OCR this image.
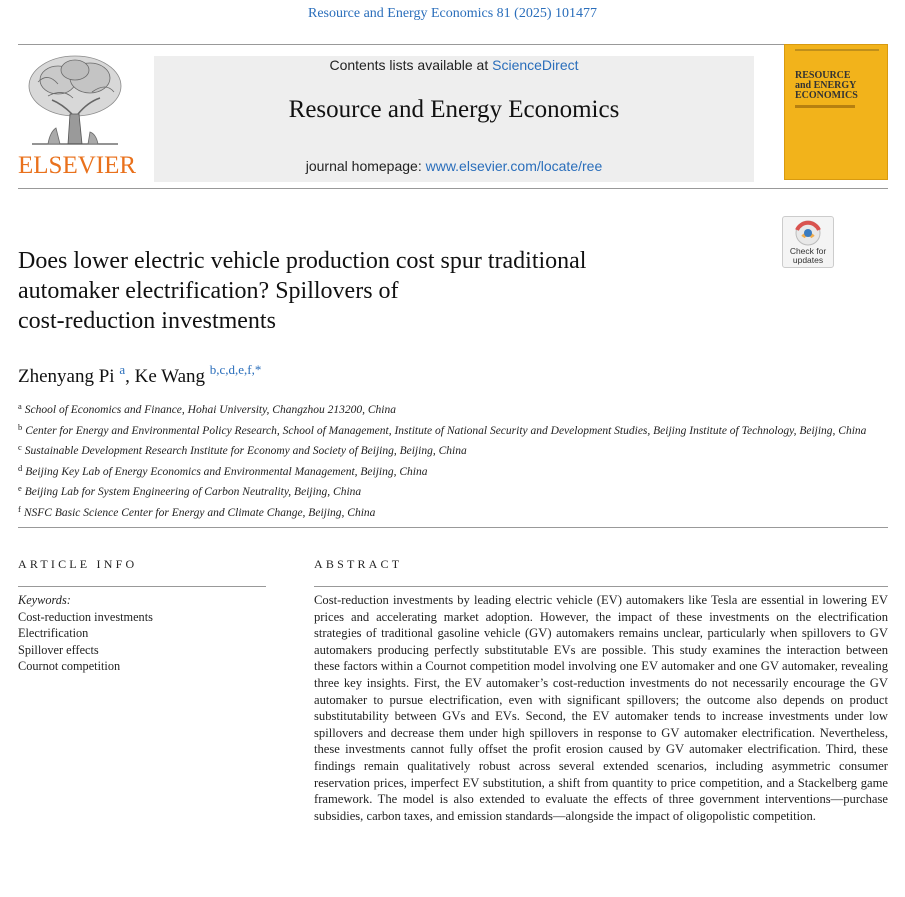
Resource and Energy Economics 81 (2025) 101477
ELSEVIER
Contents lists available at ScienceDirect
Resource and Energy Economics
journal homepage: www.elsevier.com/locate/ree
RESOURCE
and ENERGY
ECONOMICS
Check for updates
Does lower electric vehicle production cost spur traditional
automaker electrification? Spillovers of
cost-reduction investments
Zhenyang Pi $^a$, Ke Wang $^{b,c,d,e,f,*}$
$^a$ School of Economics and Finance, Hohai University, Changzhou 213200, China
$^b$ Center for Energy and Environmental Policy Research, School of Management, Institute of National Security and Development Studies, Beijing Institute of Technology, Beijing, China
$^c$ Sustainable Development Research Institute for Economy and Society of Beijing, Beijing, China
$^d$ Beijing Key Lab of Energy Economics and Environmental Management, Beijing, China
$^e$ Beijing Lab for System Engineering of Carbon Neutrality, Beijing, China
$^f$ NSFC Basic Science Center for Energy and Climate Change, Beijing, China
ARTICLE INFO
Keywords:
Cost-reduction investments
Electrification
Spillover effects
Cournot competition
ABSTRACT
Cost-reduction investments by leading electric vehicle (EV) automakers like Tesla are essential in lowering EV prices and accelerating market adoption. However, the impact of these investments on the electrification strategies of traditional gasoline vehicle (GV) automakers remains unclear, particularly when spillovers to GV automakers producing perfectly substitutable EVs are possible. This study examines the interaction between these factors within a Cournot competition model involving one EV automaker and one GV automaker, revealing three key insights. First, the EV automaker’s cost-reduction investments do not necessarily encourage the GV automaker to pursue electrification, even with significant spillovers; the outcome also depends on product substitutability between GVs and EVs. Second, the EV automaker tends to increase investments under low spillovers and decrease them under high spillovers in response to GV automaker electrification. Nevertheless, these investments cannot fully offset the profit erosion caused by GV automaker electrification. Third, these findings remain qualitatively robust across several extended scenarios, including asymmetric consumer reservation prices, imperfect EV substitution, a shift from quantity to price competition, and a Stackelberg game framework. The model is also extended to evaluate the effects of three government interventions—purchase subsidies, carbon taxes, and emission standards—alongside the impact of oligopolistic competition.
